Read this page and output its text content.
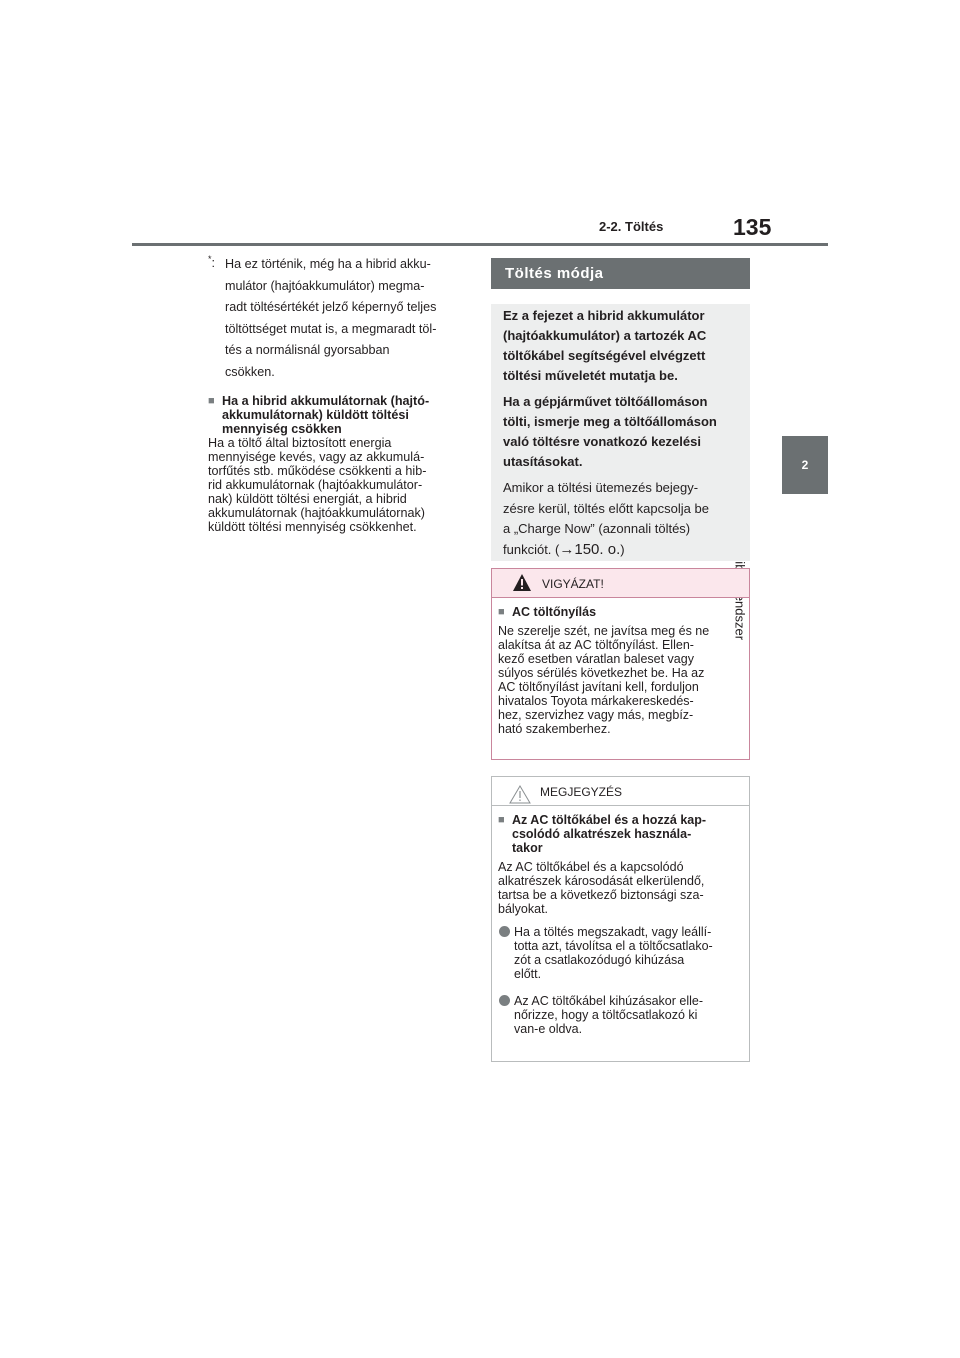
2-2. Töltés	135
2
*: Ha ez történik, még ha a hibrid akku-
mulátor (hajtóakkumulátor) megma-
radt töltésértékét jelző képernyő teljes
töltöttséget mutat is, a megmaradt töl-
tés a normálisnál gyorsabban
csökken.
■ Ha a hibrid akkumulátornak (hajtó-
akkumulátornak) küldött töltési
mennyiség csökken
Ha a töltő által biztosított energia
mennyisége kevés, vagy az akkumulá-
torfűtés stb. működése csökkenti a hib-
rid akkumulátornak (hajtóakkumulátor-
nak) küldött töltési energiát, a hibrid
akkumulátornak (hajtóakkumulátornak)
küldött töltési mennyiség csökkenhet.
Töltés módja

Ez a fejezet a hibrid akkumulátor
(hajtóakkumulátor) a tartozék AC
töltőkábel segítségével elvégzett
töltési műveletét mutatja be.

Ha a gépjárművet töltőállomáson
tölti, ismerje meg a töltőállomáson
való töltésre vonatkozó kezelési
utasításokat.

Amikor a töltési ütemezés bejegy-
zésre kerül, töltés előtt kapcsolja be
a „Charge Now” (azonnali töltés)
funkciót. (→150. o.)

VIGYÁZAT!
■ AC töltőnyílás

Ne szerelje szét, ne javítsa meg és ne
alakítsa át az AC töltőnyílást. Ellen-
kező esetben váratlan baleset vagy
súlyos sérülés következhet be. Ha az
AC töltőnyílást javítani kell, forduljon
hivatalos Toyota márkakereskedés-
hez, szervizhez vagy más, megbíz-
ható szakemberhez.

MEGJEGYZÉS
■ Az AC töltőkábel és a hozzá kap-
csolódó alkatrészek használa-
takor

Az AC töltőkábel és a kapcsolódó
alkatrészek károsodását elkerülendő,
tartsa be a következő biztonsági sza-
bályokat.

Ha a töltés megszakadt, vagy leállí-
totta azt, távolítsa el a töltőcsatlako-
zót a csatlakozódugó kihúzása
előtt.
Az AC töltőkábel kihúzásakor elle-
nőrizze, hogy a töltőcsatlakozó ki
van-e oldva.
